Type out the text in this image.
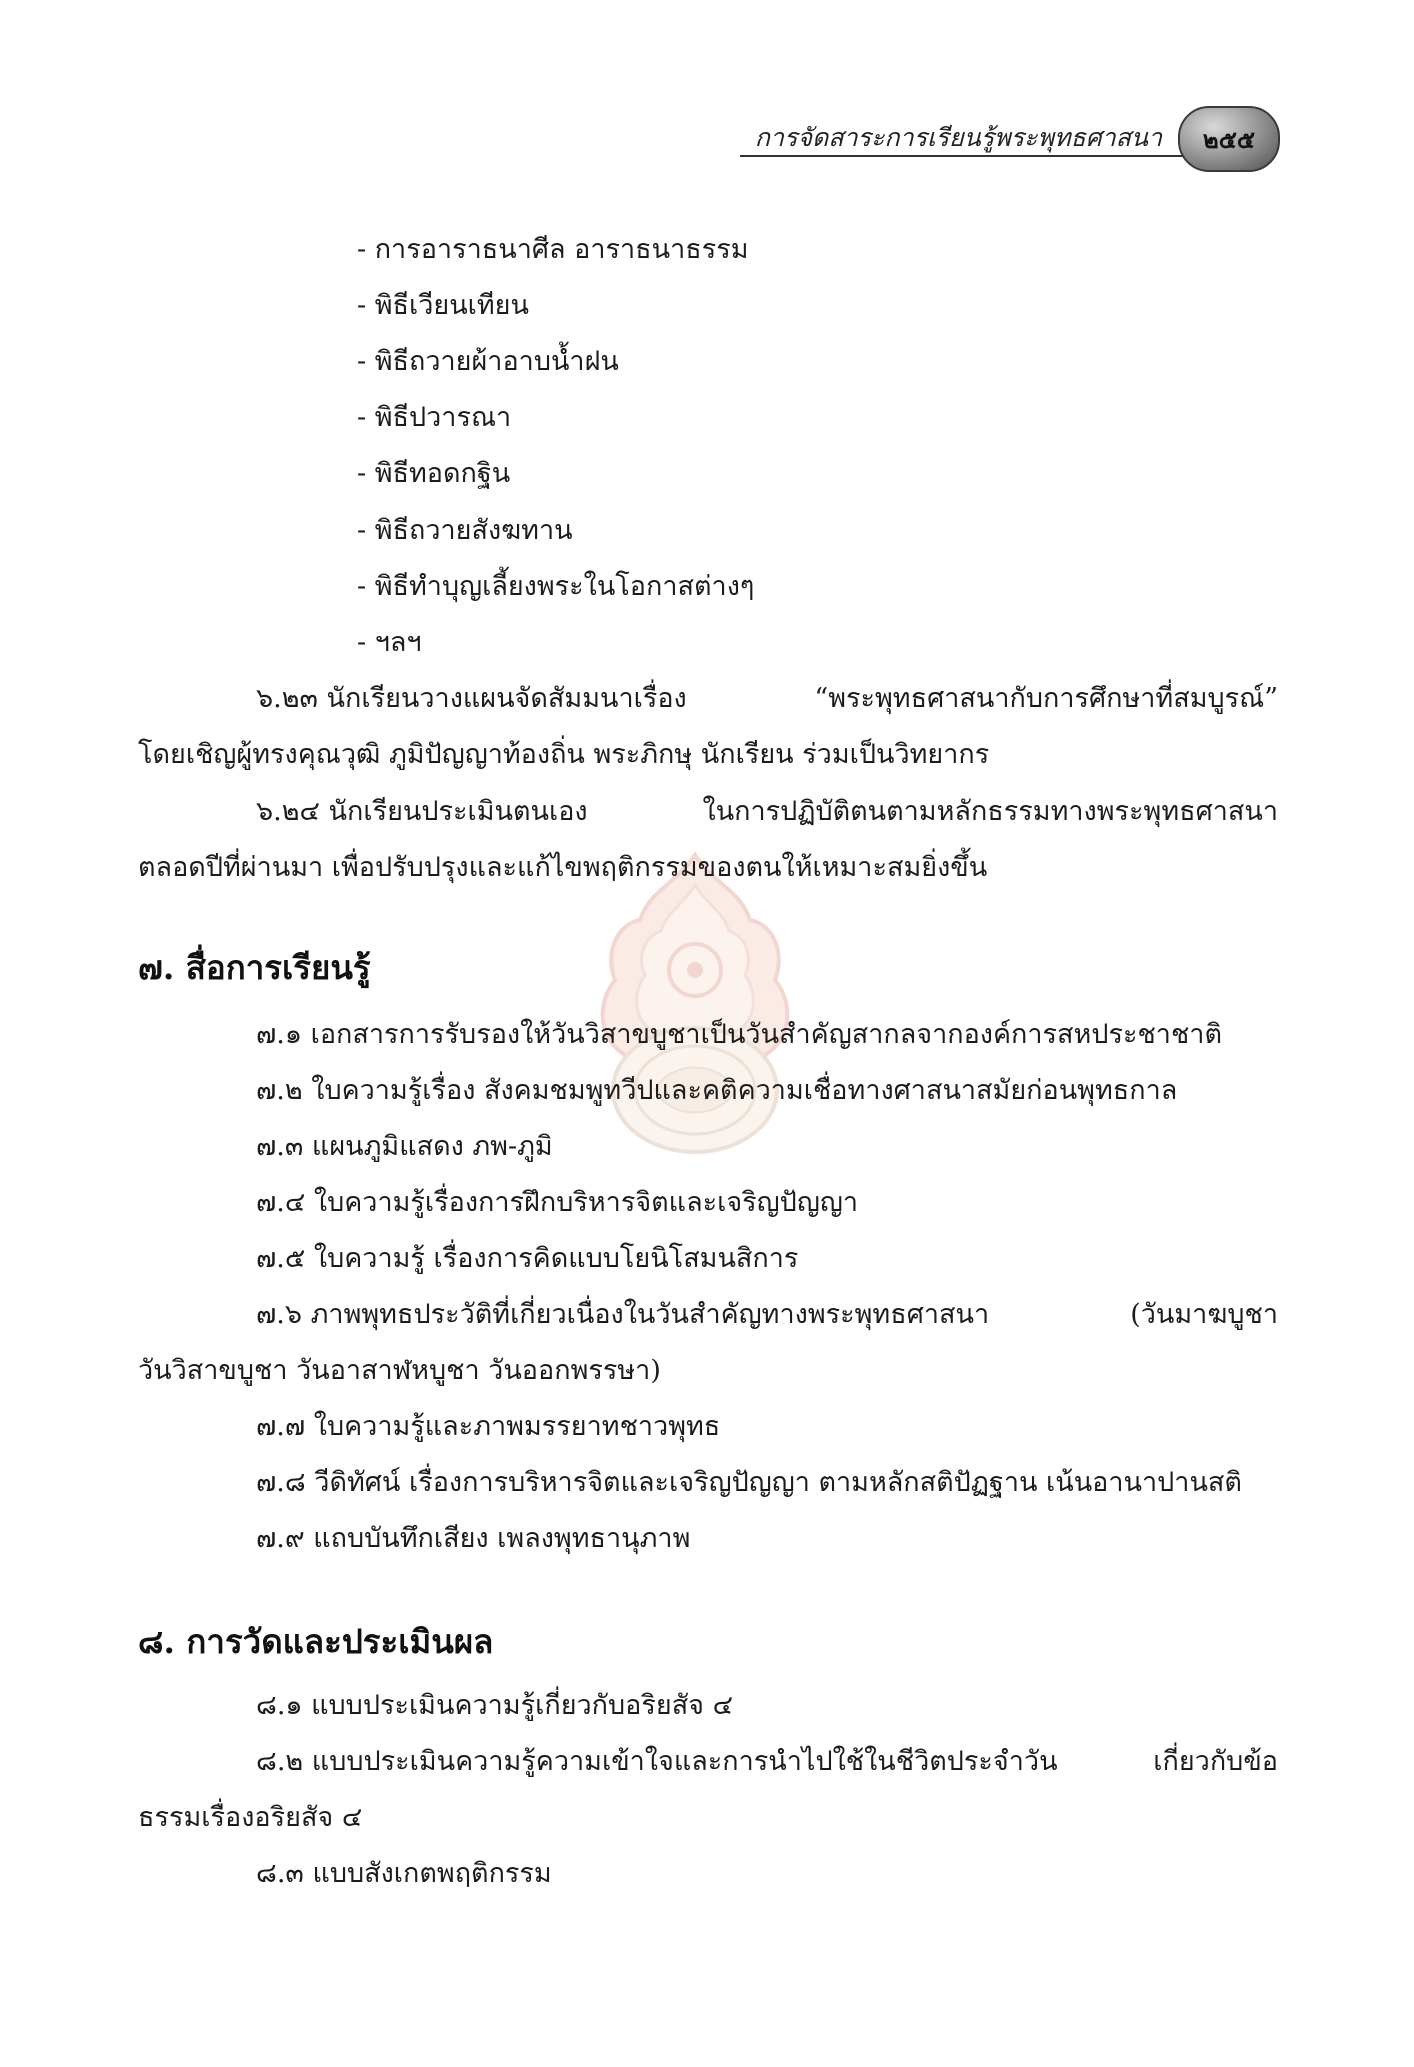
การจัดสาระการเรียนรู้พระพุทธศาสนา ๒๕๕
- การอาราธนาศีล อาราธนาธรรม
- พิธีเวียนเทียน
- พิธีถวายผ้าอาบน้ำฝน
- พิธีปวารณา
- พิธีทอดกฐิน
- พิธีถวายสังฆทาน
- พิธีทำบุญเลี้ยงพระในโอกาสต่างๆ
- ฯลฯ
๖.๒๓ นักเรียนวางแผนจัดสัมมนาเรื่อง	“พระพุทธศาสนากับการศึกษาที่สมบูรณ์”
โดยเชิญผู้ทรงคุณวุฒิ ภูมิปัญญาท้องถิ่น พระภิกษุ นักเรียน ร่วมเป็นวิทยากร
๖.๒๔ นักเรียนประเมินตนเอง	ในการปฏิบัติตนตามหลักธรรมทางพระพุทธศาสนา
ตลอดปีที่ผ่านมา เพื่อปรับปรุงและแก้ไขพฤติกรรมของตนให้เหมาะสมยิ่งขึ้น
๗. สื่อการเรียนรู้
๗.๑ เอกสารการรับรองให้วันวิสาขบูชาเป็นวันสำคัญสากลจากองค์การสหประชาชาติ
๗.๒ ใบความรู้เรื่อง สังคมชมพูทวีปและคติความเชื่อทางศาสนาสมัยก่อนพุทธกาล
๗.๓ แผนภูมิแสดง ภพ-ภูมิ
๗.๔ ใบความรู้เรื่องการฝึกบริหารจิตและเจริญปัญญา
๗.๕ ใบความรู้ เรื่องการคิดแบบโยนิโสมนสิการ
๗.๖ ภาพพุทธประวัติที่เกี่ยวเนื่องในวันสำคัญทางพระพุทธศาสนา	(วันมาฆบูชา
วันวิสาขบูชา วันอาสาฬหบูชา วันออกพรรษา)
๗.๗ ใบความรู้และภาพมรรยาทชาวพุทธ
๗.๘ วีดิทัศน์ เรื่องการบริหารจิตและเจริญปัญญา ตามหลักสติปัฏฐาน เน้นอานาปานสติ
๗.๙ แถบบันทึกเสียง เพลงพุทธานุภาพ
๘. การวัดและประเมินผล
๘.๑ แบบประเมินความรู้เกี่ยวกับอริยสัจ ๔
๘.๒ แบบประเมินความรู้ความเข้าใจและการนำไปใช้ในชีวิตประจำวัน	เกี่ยวกับข้อ
ธรรมเรื่องอริยสัจ ๔
๘.๓ แบบสังเกตพฤติกรรม
